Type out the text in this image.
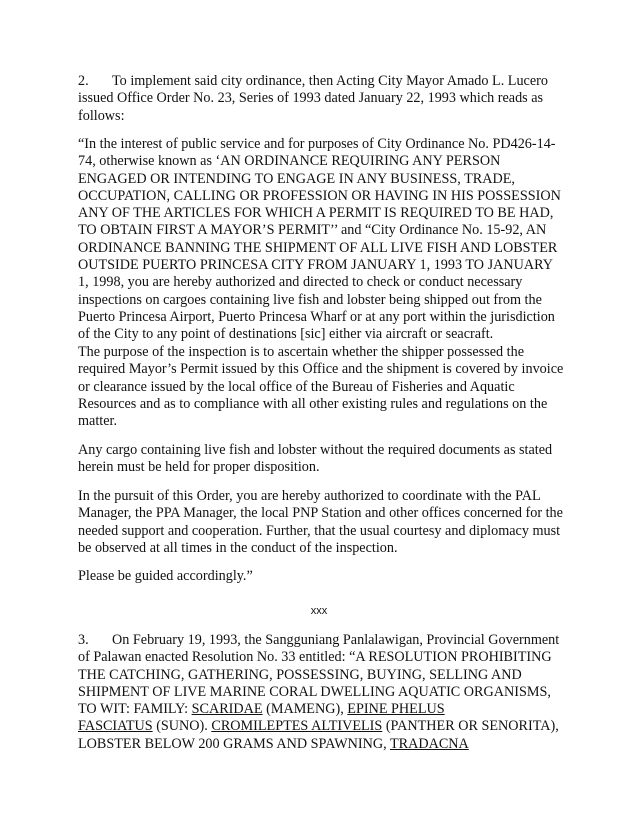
2. To implement said city ordinance, then Acting City Mayor Amado L. Lucero
issued Office Order No. 23, Series of 1993 dated January 22, 1993 which reads as
follows:

“In the interest of public service and for purposes of City Ordinance No. PD426-14-
74, otherwise known as ‘AN ORDINANCE REQUIRING ANY PERSON
ENGAGED OR INTENDING TO ENGAGE IN ANY BUSINESS, TRADE,
OCCUPATION, CALLING OR PROFESSION OR HAVING IN HIS POSSESSION
ANY OF THE ARTICLES FOR WHICH A PERMIT IS REQUIRED TO BE HAD,
TO OBTAIN FIRST A MAYOR’S PERMIT’’ and “City Ordinance No. 15-92, AN
ORDINANCE BANNING THE SHIPMENT OF ALL LIVE FISH AND LOBSTER
OUTSIDE PUERTO PRINCESA CITY FROM JANUARY 1, 1993 TO JANUARY
1, 1998, you are hereby authorized and directed to check or conduct necessary
inspections on cargoes containing live fish and lobster being shipped out from the
Puerto Princesa Airport, Puerto Princesa Wharf or at any port within the jurisdiction
of the City to any point of destinations [sic] either via aircraft or seacraft.

The purpose of the inspection is to ascertain whether the shipper possessed the
required Mayor’s Permit issued by this Office and the shipment is covered by invoice
or clearance issued by the local office of the Bureau of Fisheries and Aquatic
Resources and as to compliance with all other existing rules and regulations on the
matter.

Any cargo containing live fish and lobster without the required documents as stated
herein must be held for proper disposition.

In the pursuit of this Order, you are hereby authorized to coordinate with the PAL
Manager, the PPA Manager, the local PNP Station and other offices concerned for the
needed support and cooperation. Further, that the usual courtesy and diplomacy must
be observed at all times in the conduct of the inspection.

Please be guided accordingly.”

xxx

3. On February 19, 1993, the Sangguniang Panlalawigan, Provincial Government
of Palawan enacted Resolution No. 33 entitled: “A RESOLUTION PROHIBITING
THE CATCHING, GATHERING, POSSESSING, BUYING, SELLING AND
SHIPMENT OF LIVE MARINE CORAL DWELLING AQUATIC ORGANISMS,
TO WIT: FAMILY: SCARIDAE (MAMENG), EPINE PHELUS
FASCIATUS (SUNO). CROMILEPTES ALTIVELIS (PANTHER OR SENORITA),
LOBSTER BELOW 200 GRAMS AND SPAWNING, TRADACNA
